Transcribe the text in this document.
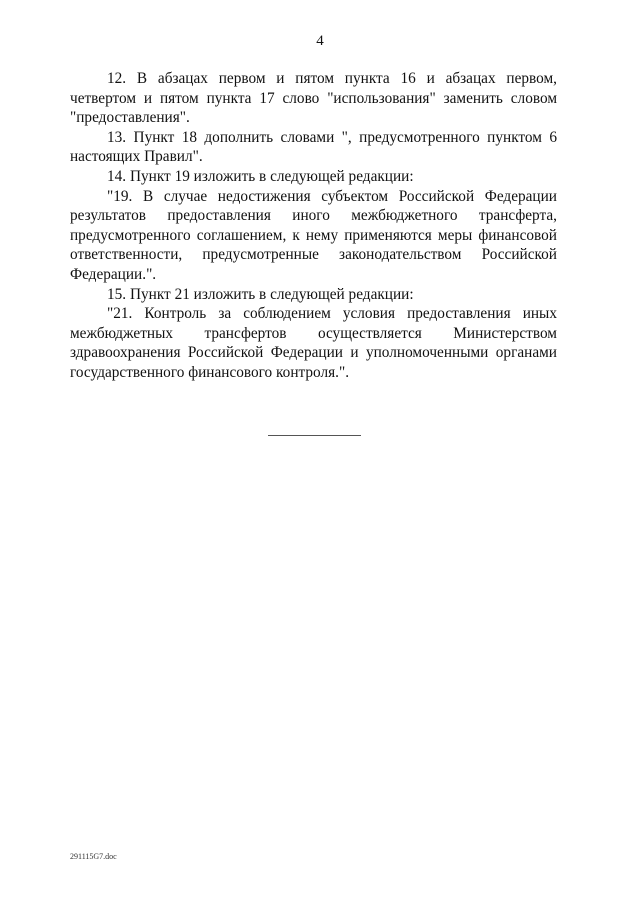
4

12. В абзацах первом и пятом пункта 16 и абзацах первом, четвертом и пятом пункта 17 слово "использования" заменить словом "предоставления".

13. Пункт 18 дополнить словами ", предусмотренного пунктом 6 настоящих Правил".

14. Пункт 19 изложить в следующей редакции:

"19. В случае недостижения субъектом Российской Федерации результатов предоставления иного межбюджетного трансферта, предусмотренного соглашением, к нему применяются меры финансовой ответственности, предусмотренные законодательством Российской Федерации.".

15. Пункт 21 изложить в следующей редакции:

"21. Контроль за соблюдением условия предоставления иных межбюджетных трансфертов осуществляется Министерством здравоохранения Российской Федерации и уполномоченными органами государственного финансового контроля.".

291115G7.doc
